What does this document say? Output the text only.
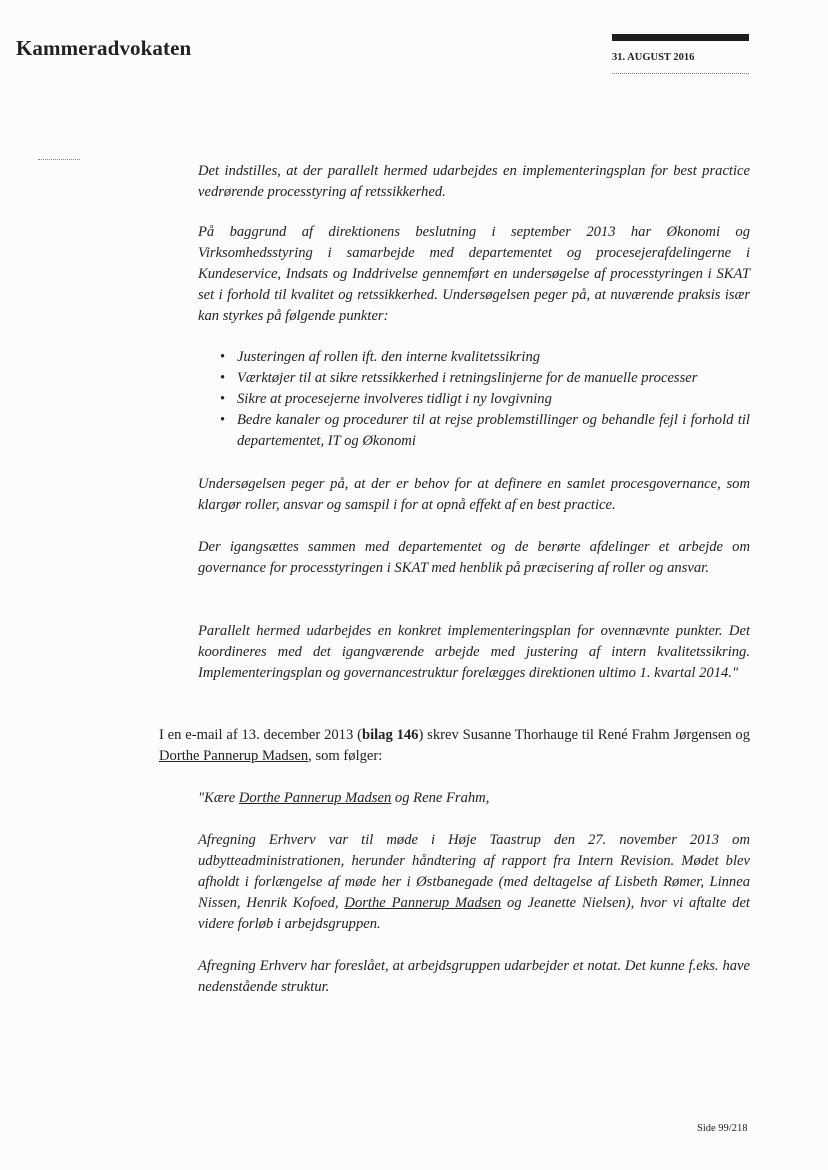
Kammeradvokaten	31. AUGUST 2016

Det indstilles, at der parallelt hermed udarbejdes en implementeringsplan for best practice vedrørende processtyring af retssikkerhed.

På baggrund af direktionens beslutning i september 2013 har Økonomi og Virksomhedsstyring i samarbejde med departementet og procesejerafdelingerne i Kundeservice, Indsats og Inddrivelse gennemført en undersøgelse af processtyringen i SKAT set i forhold til kvalitet og retssikkerhed. Undersøgelsen peger på, at nuværende praksis især kan styrkes på følgende punkter:

• Justeringen af rollen ift. den interne kvalitetssikring
• Værktøjer til at sikre retssikkerhed i retningslinjerne for de manuelle processer
• Sikre at procesejerne involveres tidligt i ny lovgivning
• Bedre kanaler og procedurer til at rejse problemstillinger og behandle fejl i forhold til departementet, IT og Økonomi

Undersøgelsen peger på, at der er behov for at definere en samlet procesgovernance, som klargør roller, ansvar og samspil i for at opnå effekt af en best practice.

Der igangsættes sammen med departementet og de berørte afdelinger et arbejde om governance for processtyringen i SKAT med henblik på præcisering af roller og ansvar.

Parallelt hermed udarbejdes en konkret implementeringsplan for ovennævnte punkter. Det koordineres med det igangværende arbejde med justering af intern kvalitetssikring. Implementeringsplan og governancestruktur forelægges direktionen ultimo 1. kvartal 2014."

I en e-mail af 13. december 2013 (bilag 146) skrev Susanne Thorhauge til René Frahm Jørgensen og Dorthe Pannerup Madsen, som følger:

"Kære Dorthe Pannerup Madsen og Rene Frahm,

Afregning Erhverv var til møde i Høje Taastrup den 27. november 2013 om udbytteadministrationen, herunder håndtering af rapport fra Intern Revision. Mødet blev afholdt i forlængelse af møde her i Østbanegade (med deltagelse af Lisbeth Rømer, Linnea Nissen, Henrik Kofoed, Dorthe Pannerup Madsen og Jeanette Nielsen), hvor vi aftalte det videre forløb i arbejdsgruppen.

Afregning Erhverv har foreslået, at arbejdsgruppen udarbejder et notat. Det kunne f.eks. have nedenstående struktur.

Side 99/218
